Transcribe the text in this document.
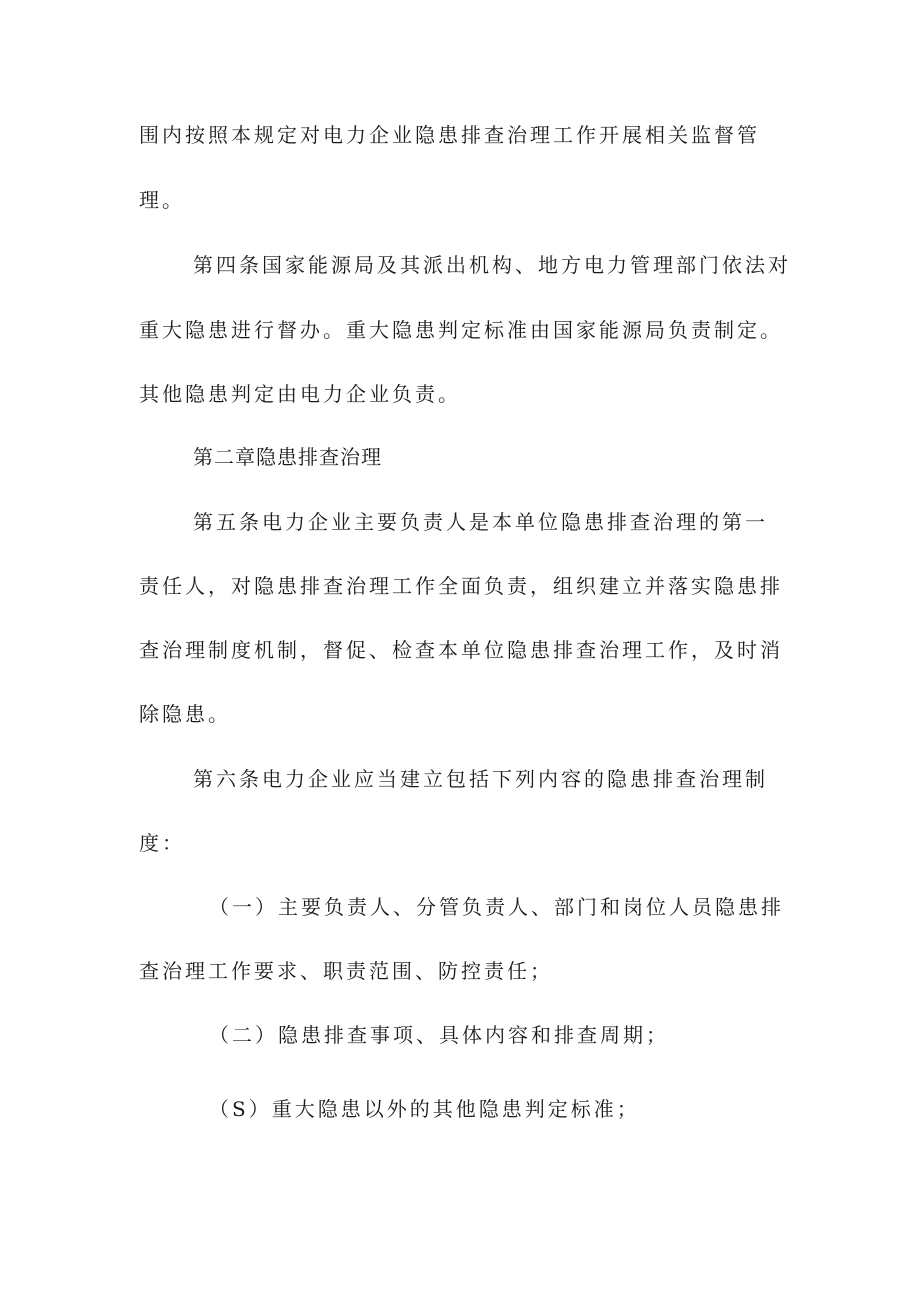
围内按照本规定对电力企业隐患排查治理工作开展相关监督管

理。

第四条国家能源局及其派出机构、地方电力管理部门依法对

重大隐患进行督办。重大隐患判定标准由国家能源局负责制定。

其他隐患判定由电力企业负责。

第二章隐患排查治理

第五条电力企业主要负责人是本单位隐患排查治理的第一

责任人，对隐患排查治理工作全面负责，组织建立并落实隐患排

查治理制度机制，督促、检查本单位隐患排查治理工作，及时消

除隐患。

第六条电力企业应当建立包括下列内容的隐患排查治理制

度：

（一）主要负责人、分管负责人、部门和岗位人员隐患排

查治理工作要求、职责范围、防控责任；

（二）隐患排查事项、具体内容和排查周期；

（S）重大隐患以外的其他隐患判定标准；
